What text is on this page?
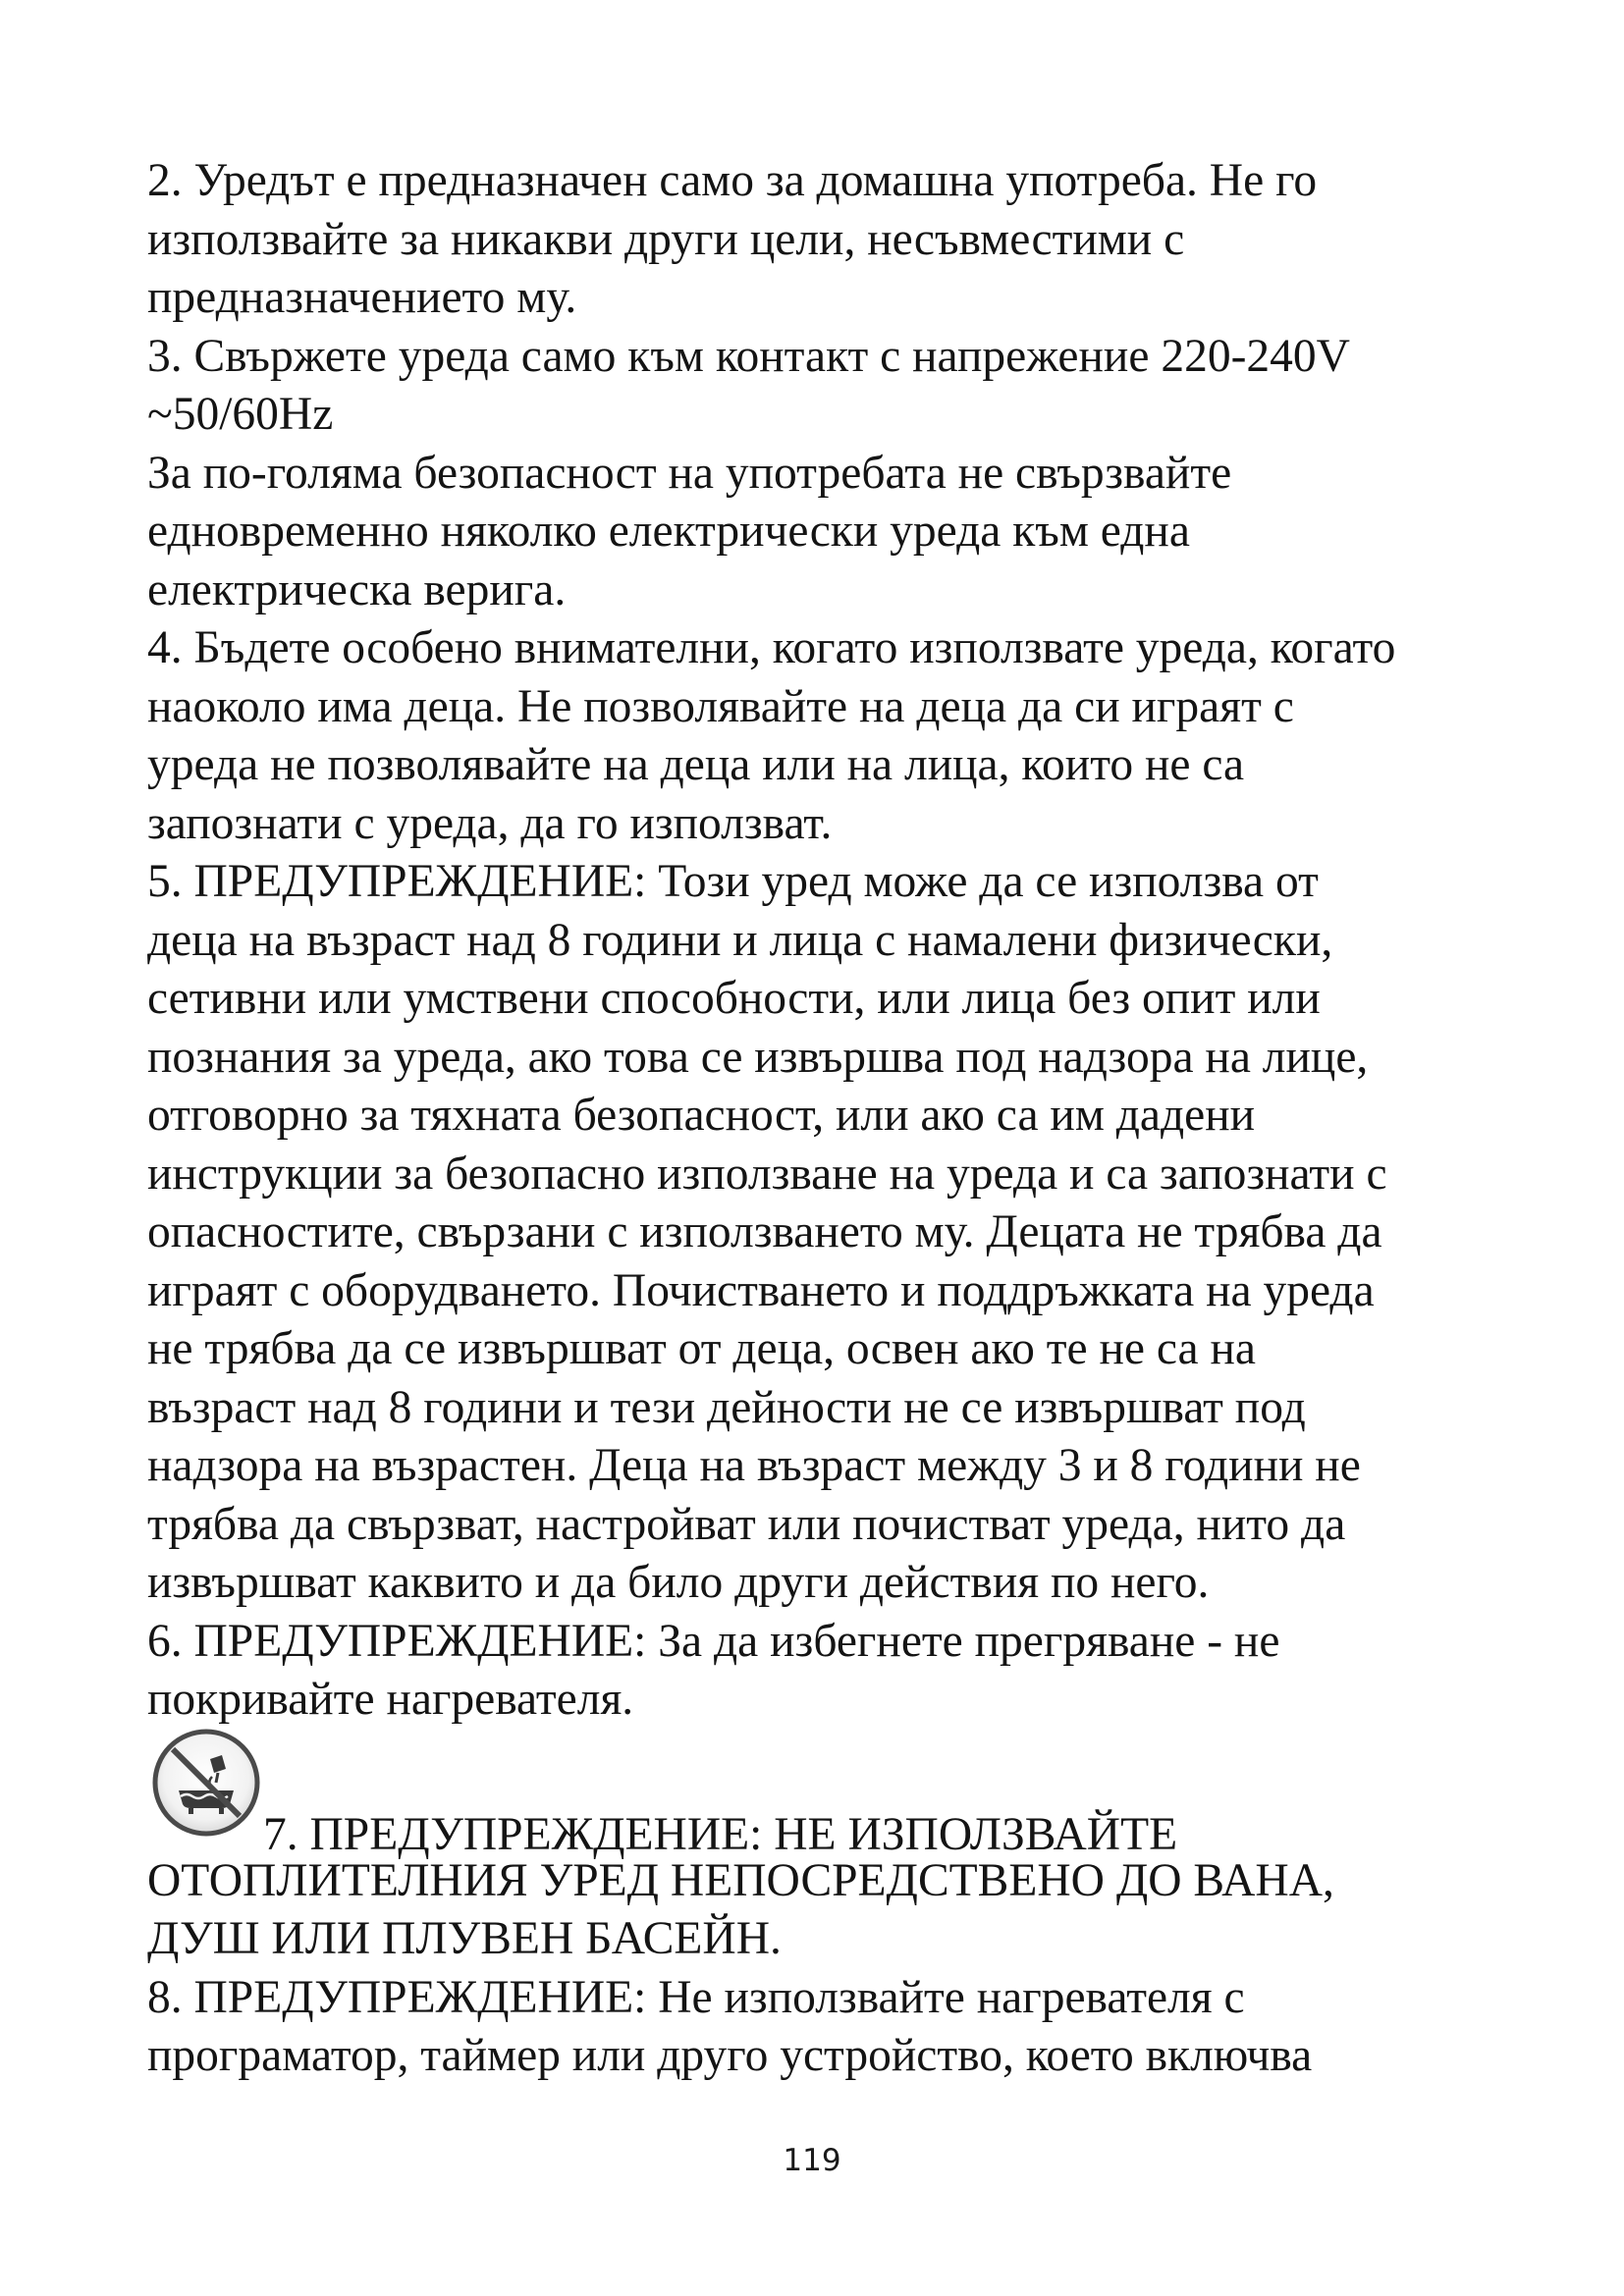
2. Уредът е предназначен само за домашна употреба. Не го
използвайте за никакви други цели, несъвместими с
предназначението му.
3. Свържете уреда само към контакт с напрежение 220-240V
~50/60Hz
За по-голяма безопасност на употребата не свързвайте
едновременно няколко електрически уреда към една
електрическа верига.
4. Бъдете особено внимателни, когато използвате уреда, когато
наоколо има деца. Не позволявайте на деца да си играят с
уреда не позволявайте на деца или на лица, които не са
запознати с уреда, да го използват.
5. ПРЕДУПРЕЖДЕНИЕ: Този уред може да се използва от
деца на възраст над 8 години и лица с намалени физически,
сетивни или умствени способности, или лица без опит или
познания за уреда, ако това се извършва под надзора на лице,
отговорно за тяхната безопасност, или ако са им дадени
инструкции за безопасно използване на уреда и са запознати с
опасностите, свързани с използването му. Децата не трябва да
играят с оборудването. Почистването и поддръжката на уреда
не трябва да се извършват от деца, освен ако те не са на
възраст над 8 години и тези дейности не се извършват под
надзора на възрастен. Деца на възраст между 3 и 8 години не
трябва да свързват, настройват или почистват уреда, нито да
извършват каквито и да било други действия по него.
6. ПРЕДУПРЕЖДЕНИЕ: За да избегнете прегряване - не
покривайте нагревателя.
7. ПРЕДУПРЕЖДЕНИЕ: НЕ ИЗПОЛЗВАЙТЕ
ОТОПЛИТЕЛНИЯ УРЕД НЕПОСРЕДСТВЕНО ДО ВАНА,
ДУШ ИЛИ ПЛУВЕН БАСЕЙН.
8. ПРЕДУПРЕЖДЕНИЕ: Не използвайте нагревателя с
програматор, таймер или друго устройство, което включва
119
